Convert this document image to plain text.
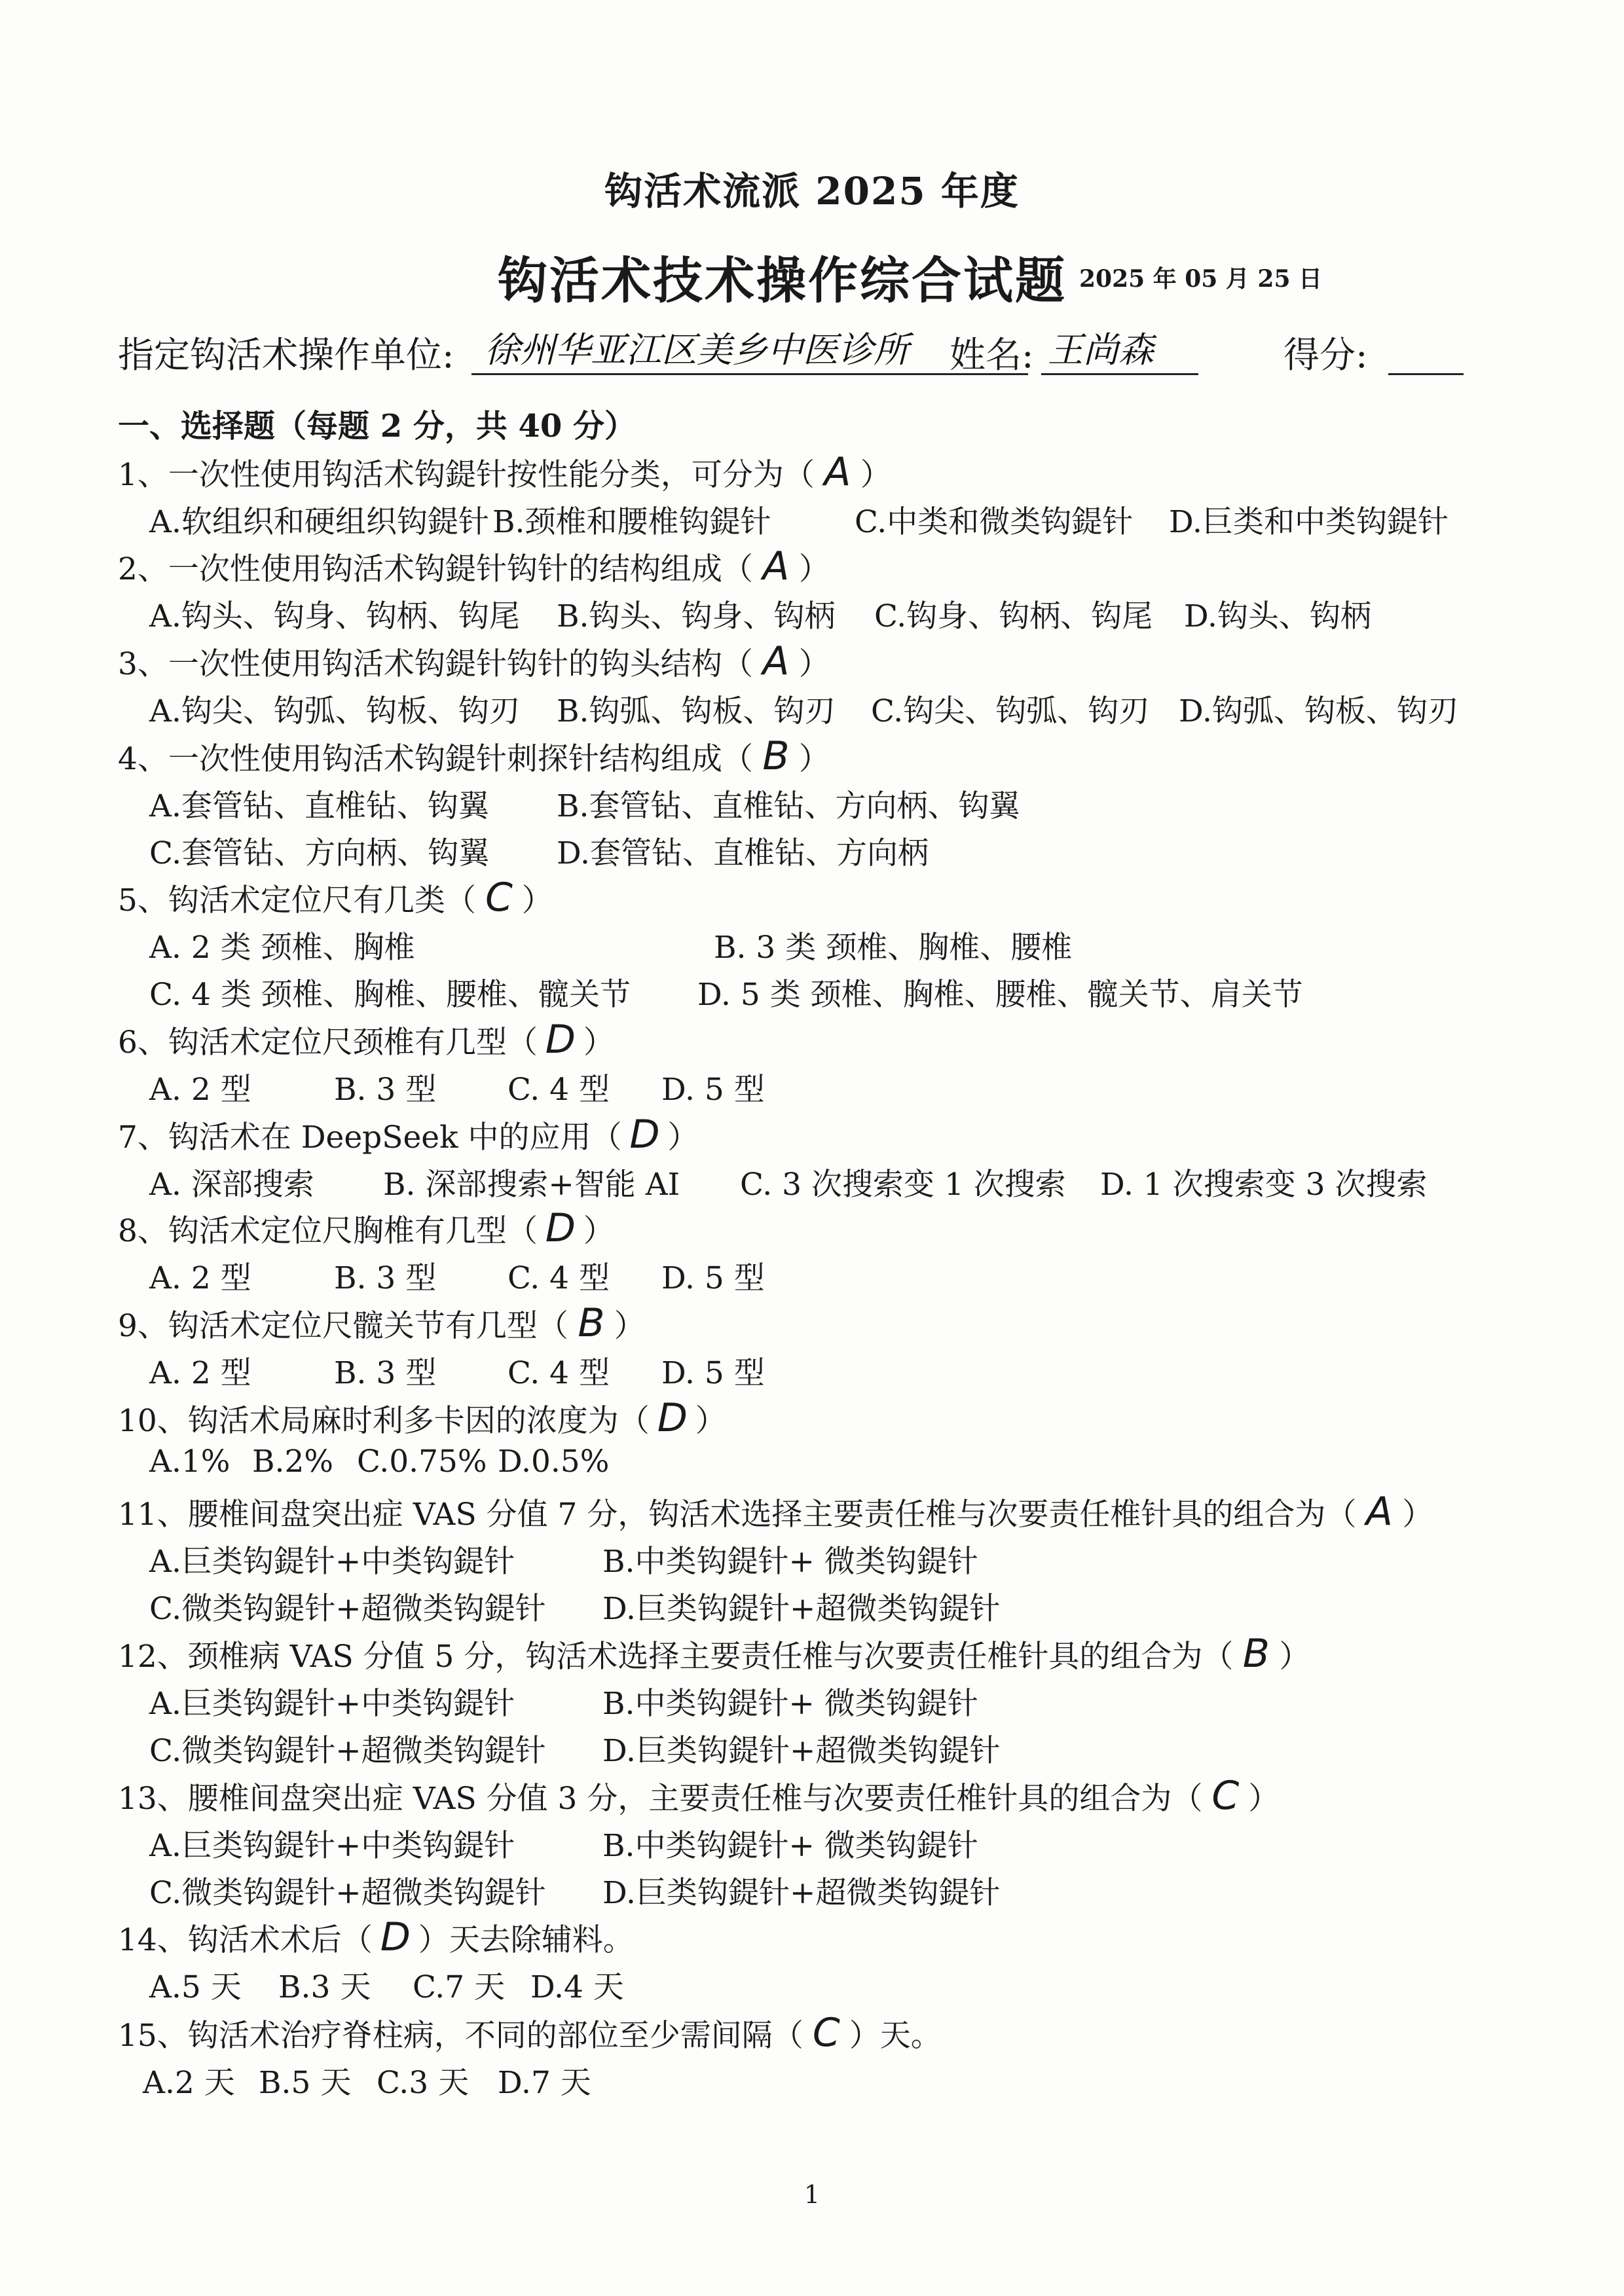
钩活术流派 2025 年度
钩活术技术操作综合试题 2025 年 05 月 25 日
指定钩活术操作单位: 徐州华亚江区美乡中医诊所 姓名: 王尚森	得分:
一、选择题（每题 2 分，共 40 分）
1、一次性使用钩活术钩鍉针按性能分类，可分为（ A ）
A.软组织和硬组织钩鍉针 B.颈椎和腰椎钩鍉针	C.中类和微类钩鍉针 D.巨类和中类钩鍉针
2、一次性使用钩活术钩鍉针钩针的结构组成（ A ）
A.钩头、钩身、钩柄、钩尾 B.钩头、钩身、钩柄 C.钩身、钩柄、钩尾 D.钩头、钩柄
3、一次性使用钩活术钩鍉针钩针的钩头结构（ A ）
A.钩尖、钩弧、钩板、钩刃 B.钩弧、钩板、钩刃 C.钩尖、钩弧、钩刃 D.钩弧、钩板、钩刃
4、一次性使用钩活术钩鍉针刺探针结构组成（ B ）
A.套管钻、直椎钻、钩翼 B.套管钻、直椎钻、方向柄、钩翼
C.套管钻、方向柄、钩翼 D.套管钻、直椎钻、方向柄
5、钩活术定位尺有几类（ C ）
A. 2 类 颈椎、胸椎	B. 3 类 颈椎、胸椎、腰椎
C. 4 类 颈椎、胸椎、腰椎、髋关节 D. 5 类 颈椎、胸椎、腰椎、髋关节、肩关节
6、钩活术定位尺颈椎有几型（ D ）
A. 2 型	B. 3 型 C. 4 型 D. 5 型
7、钩活术在 DeepSeek 中的应用（ D ）
A. 深部搜索 B. 深部搜索+智能 AI C. 3 次搜索变 1 次搜索 D. 1 次搜索变 3 次搜索
8、钩活术定位尺胸椎有几型（ D ）
A. 2 型	B. 3 型 C. 4 型 D. 5 型
9、钩活术定位尺髋关节有几型（ B ）
A. 2 型	B. 3 型 C. 4 型 D. 5 型
10、钩活术局麻时利多卡因的浓度为（ D ）
A.1% B.2% C.0.75% D.0.5%
11、腰椎间盘突出症 VAS 分值 7 分，钩活术选择主要责任椎与次要责任椎针具的组合为（ A ）
A.巨类钩鍉针+中类钩鍉针	B.中类钩鍉针+ 微类钩鍉针
C.微类钩鍉针+超微类钩鍉针 D.巨类钩鍉针+超微类钩鍉针
12、颈椎病 VAS 分值 5 分，钩活术选择主要责任椎与次要责任椎针具的组合为（ B ）
A.巨类钩鍉针+中类钩鍉针	B.中类钩鍉针+ 微类钩鍉针
C.微类钩鍉针+超微类钩鍉针 D.巨类钩鍉针+超微类钩鍉针
13、腰椎间盘突出症 VAS 分值 3 分，主要责任椎与次要责任椎针具的组合为（ C ）
A.巨类钩鍉针+中类钩鍉针	B.中类钩鍉针+ 微类钩鍉针
C.微类钩鍉针+超微类钩鍉针 D.巨类钩鍉针+超微类钩鍉针
14、钩活术术后（ D ）天去除辅料。
A.5 天 B.3 天 C.7 天 D.4 天
15、钩活术治疗脊柱病，不同的部位至少需间隔（ C ）天。
A.2 天 B.5 天 C.3 天 D.7 天
1
